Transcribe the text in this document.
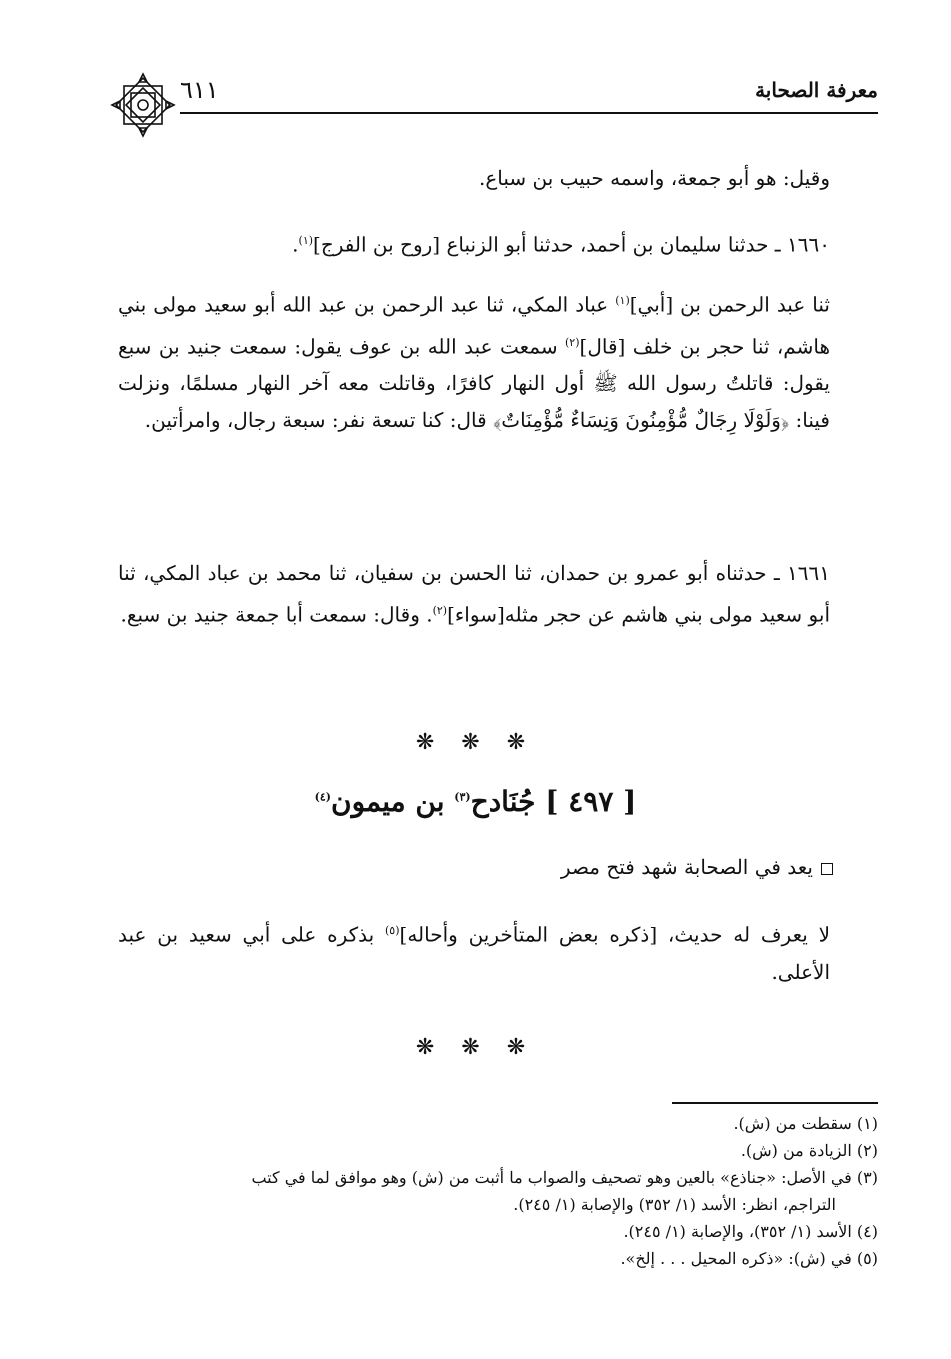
٦١١	معرفة الصحابة
وقيل: هو أبو جمعة، واسمه حبيب بن سباع.
١٦٦٠ ـ حدثنا سليمان بن أحمد، حدثنا أبو الزنباع [روح بن الفرج]$^{(١)}$.
ثنا عبد الرحمن بن [أبي]$^{(١)}$ عباد المكي، ثنا عبد الرحمن بن عبد الله أبو سعيد مولى بني هاشم، ثنا حجر بن خلف [قال]$^{(٢)}$ سمعت عبد الله بن عوف يقول: سمعت جنيد بن سبع يقول: قاتلتُ رسول الله ﷺ أول النهار كافرًا، وقاتلت معه آخر النهار مسلمًا، ونزلت فينا: ﴿وَلَوْلَا رِجَالٌ مُّؤْمِنُونَ وَنِسَاءٌ مُّؤْمِنَاتٌ﴾ قال: كنا تسعة نفر: سبعة رجال، وامرأتين.
١٦٦١ ـ حدثناه أبو عمرو بن حمدان، ثنا الحسن بن سفيان، ثنا محمد بن عباد المكي، ثنا أبو سعيد مولى بني هاشم عن حجر مثله[سواء]$^{(٢)}$. وقال: سمعت أبا جمعة جنيد بن سبع.
❋ ❋ ❋
[ ٤٩٧ ] جُنَادح$^{(٣)}$ بن ميمون$^{(٤)}$
يعد في الصحابة شهد فتح مصر
لا يعرف له حديث، [ذكره بعض المتأخرين وأحاله]$^{(٥)}$ بذكره على أبي سعيد بن عبد الأعلى.
❋ ❋ ❋

(١) سقطت من (ش).

(٢) الزيادة من (ش).

(٣) في الأصل: «جناذع» بالعين وهو تصحيف والصواب ما أثبت من (ش) وهو موافق لما في كتب

التراجم، انظر: الأسد (١/ ٣٥٢) والإصابة (١/ ٢٤٥).

(٤) الأسد (١/ ٣٥٢)، والإصابة (١/ ٢٤٥).

(٥) في (ش): «ذكره المحيل . . . إلخ».
